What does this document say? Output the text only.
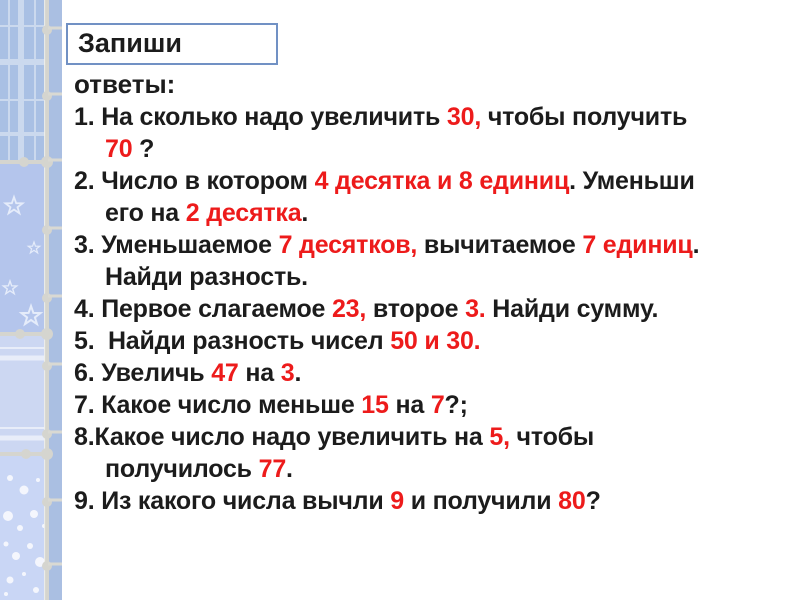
Запиши
ответы:
1. На сколько надо увеличить 30, чтобы получить
70 ?
2. Число в котором 4 десятка и 8 единиц. Уменьши
его на 2 десятка.
3. Уменьшаемое 7 десятков, вычитаемое 7 единиц.
Найди разность.
4. Первое слагаемое 23, второе 3. Найди сумму.
5.  Найди разность чисел 50 и 30.
6. Увеличь 47 на 3.
7. Какое число меньше 15 на 7?;
8.Какое число надо увеличить на 5, чтобы
получилось 77.
9. Из какого числа вычли 9 и получили 80?
